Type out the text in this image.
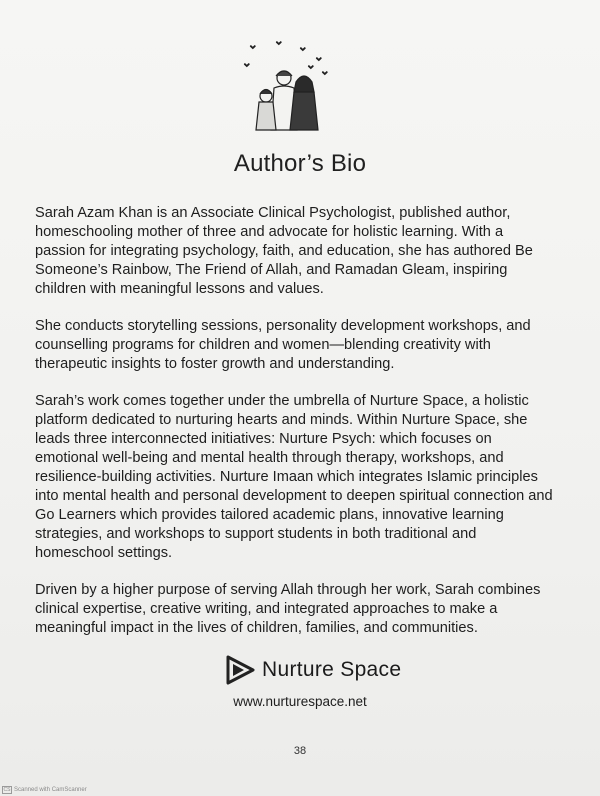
Author’s Bio

Sarah Azam Khan is an Associate Clinical Psychologist, published author, homeschooling mother of three and advocate for holistic learning. With a passion for integrating psychology, faith, and education, she has authored Be Someone’s Rainbow, The Friend of Allah, and Ramadan Gleam, inspiring children with meaningful lessons and values.

She conducts storytelling sessions, personality development workshops, and counselling programs for children and women—blending creativity with therapeutic insights to foster growth and understanding.

Sarah’s work comes together under the umbrella of Nurture Space, a holistic platform dedicated to nurturing hearts and minds. Within Nurture Space, she leads three interconnected initiatives: Nurture Psych: which focuses on emotional well-being and mental health through therapy, workshops, and resilience-building activities. Nurture Imaan which integrates Islamic principles into mental health and personal development to deepen spiritual connection and Go Learners which provides tailored academic plans, innovative learning strategies, and workshops to support students in both traditional and homeschool settings.

Driven by a higher purpose of serving Allah through her work, Sarah combines clinical expertise, creative writing, and integrated approaches to make a meaningful impact in the lives of children, families, and communities.

Nurture Space
www.nurturespace.net
38
CS Scanned with CamScanner
